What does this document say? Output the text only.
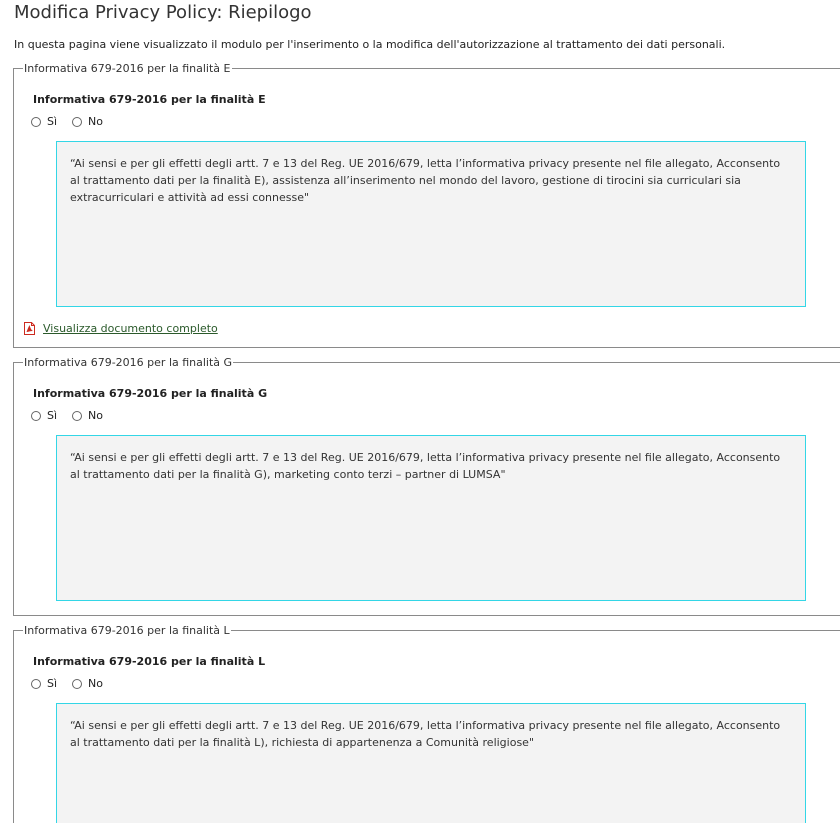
Modifica Privacy Policy: Riepilogo
In questa pagina viene visualizzato il modulo per l'inserimento o la modifica dell'autorizzazione al trattamento dei dati personali.
Informativa 679-2016 per la finalità E
Informativa 679-2016 per la finalità E
Sì	No
“Ai sensi e per gli effetti degli artt. 7 e 13 del Reg. UE 2016/679, letta l’informativa privacy presente nel file allegato, Acconsento al trattamento dati per la finalità E), assistenza all’inserimento nel mondo del lavoro, gestione di tirocini sia curriculari sia extracurriculari e attività ad essi connesse"
Visualizza documento completo
Informativa 679-2016 per la finalità G
Informativa 679-2016 per la finalità G
Sì	No
“Ai sensi e per gli effetti degli artt. 7 e 13 del Reg. UE 2016/679, letta l’informativa privacy presente nel file allegato, Acconsento al trattamento dati per la finalità G), marketing conto terzi – partner di LUMSA"
Informativa 679-2016 per la finalità L
Informativa 679-2016 per la finalità L
Sì	No
“Ai sensi e per gli effetti degli artt. 7 e 13 del Reg. UE 2016/679, letta l’informativa privacy presente nel file allegato, Acconsento al trattamento dati per la finalità L), richiesta di appartenenza a Comunità religiose"
